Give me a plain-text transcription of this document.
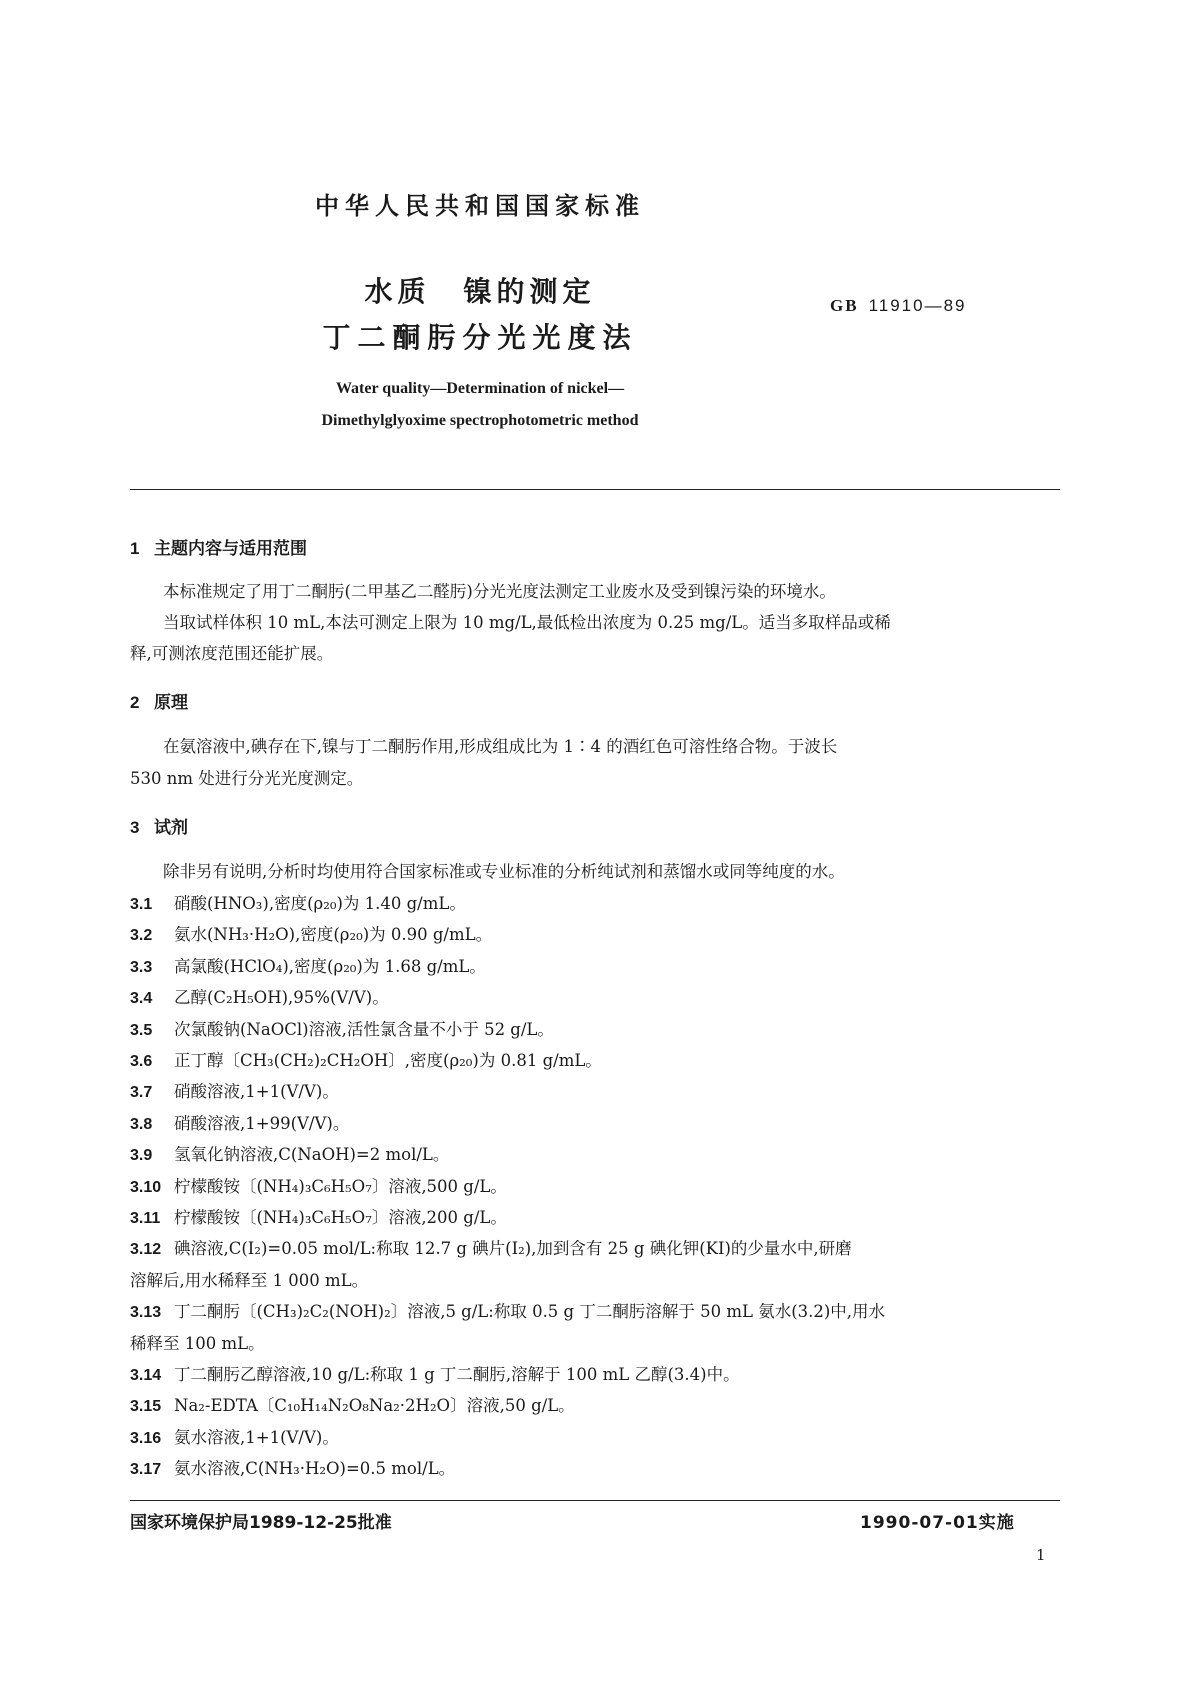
中华人民共和国国家标准
水质　镍的测定
丁二酮肟分光光度法
GB 11910—89
Water quality—Determination of nickel—
Dimethylglyoxime spectrophotometric method
1 主题内容与适用范围
本标准规定了用丁二酮肟(二甲基乙二醛肟)分光光度法测定工业废水及受到镍污染的环境水。
当取试样体积 10 mL,本法可测定上限为 10 mg/L,最低检出浓度为 0.25 mg/L。适当多取样品或稀
释,可测浓度范围还能扩展。
2 原理
在氨溶液中,碘存在下,镍与丁二酮肟作用,形成组成比为 1∶4 的酒红色可溶性络合物。于波长
530 nm 处进行分光光度测定。
3 试剂
除非另有说明,分析时均使用符合国家标准或专业标准的分析纯试剂和蒸馏水或同等纯度的水。
3.1 硝酸(HNO₃),密度(ρ₂₀)为 1.40 g/mL。
3.2 氨水(NH₃·H₂O),密度(ρ₂₀)为 0.90 g/mL。
3.3 高氯酸(HClO₄),密度(ρ₂₀)为 1.68 g/mL。
3.4 乙醇(C₂H₅OH),95%(V/V)。
3.5 次氯酸钠(NaOCl)溶液,活性氯含量不小于 52 g/L。
3.6 正丁醇〔CH₃(CH₂)₂CH₂OH〕,密度(ρ₂₀)为 0.81 g/mL。
3.7 硝酸溶液,1+1(V/V)。
3.8 硝酸溶液,1+99(V/V)。
3.9 氢氧化钠溶液,C(NaOH)=2 mol/L。
3.10 柠檬酸铵〔(NH₄)₃C₆H₅O₇〕溶液,500 g/L。
3.11 柠檬酸铵〔(NH₄)₃C₆H₅O₇〕溶液,200 g/L。
3.12 碘溶液,C(I₂)=0.05 mol/L:称取 12.7 g 碘片(I₂),加到含有 25 g 碘化钾(KI)的少量水中,研磨
溶解后,用水稀释至 1 000 mL。
3.13 丁二酮肟〔(CH₃)₂C₂(NOH)₂〕溶液,5 g/L:称取 0.5 g 丁二酮肟溶解于 50 mL 氨水(3.2)中,用水
稀释至 100 mL。
3.14 丁二酮肟乙醇溶液,10 g/L:称取 1 g 丁二酮肟,溶解于 100 mL 乙醇(3.4)中。
3.15 Na₂-EDTA〔C₁₀H₁₄N₂O₈Na₂·2H₂O〕溶液,50 g/L。
3.16 氨水溶液,1+1(V/V)。
3.17 氨水溶液,C(NH₃·H₂O)=0.5 mol/L。
国家环境保护局1989-12-25批准	1990-07-01实施
1
